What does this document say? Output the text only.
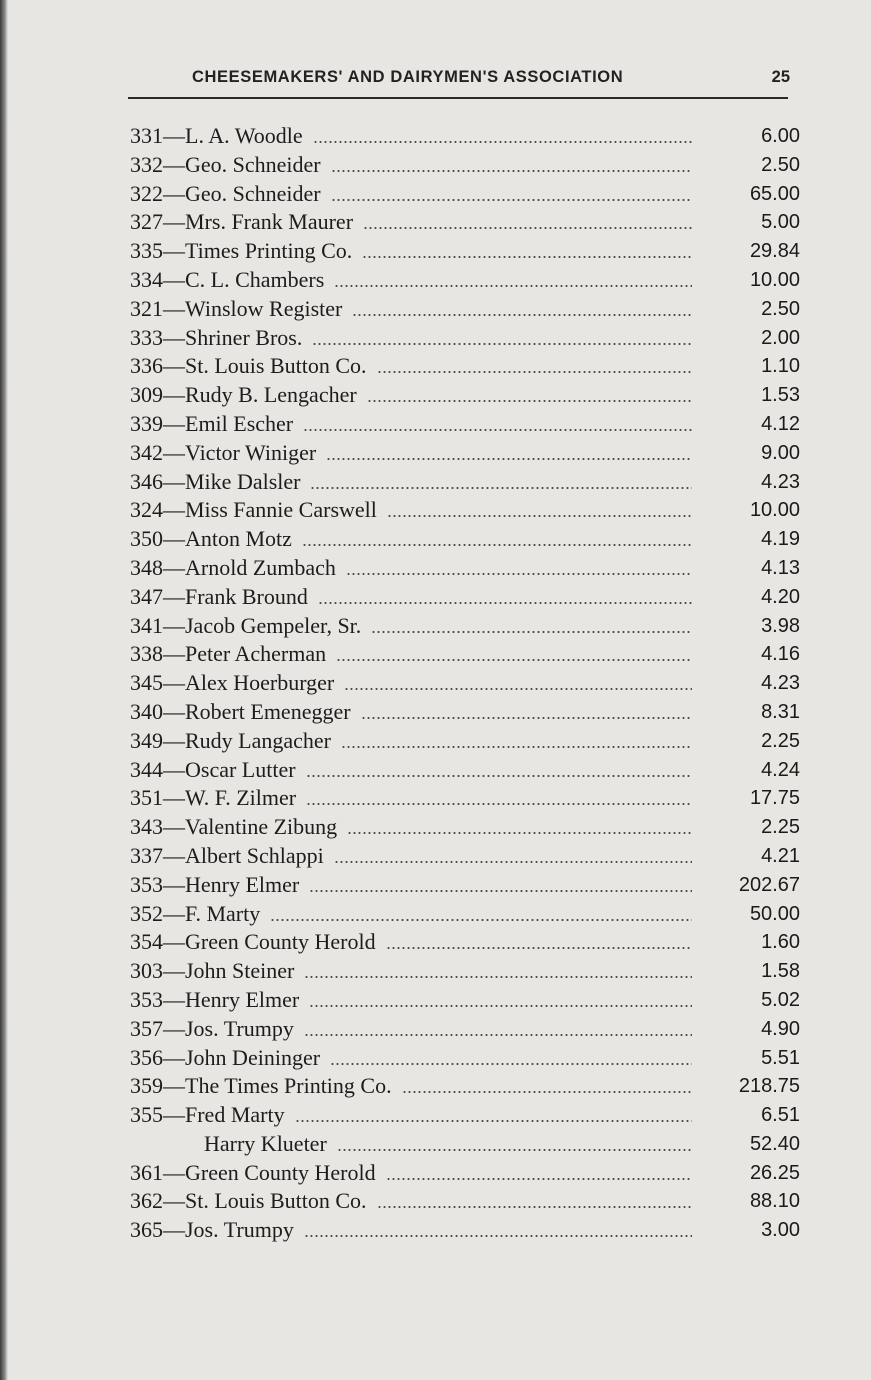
CHEESEMAKERS' AND DAIRYMEN'S ASSOCIATION	25
331—L. A. Woodle	6.00
332—Geo. Schneider	2.50
322—Geo. Schneider	65.00
327—Mrs. Frank Maurer	5.00
335—Times Printing Co.	29.84
334—C. L. Chambers	10.00
321—Winslow Register	2.50
333—Shriner Bros.	2.00
336—St. Louis Button Co.	1.10
309—Rudy B. Lengacher	1.53
339—Emil Escher	4.12
342—Victor Winiger	9.00
346—Mike Dalsler	4.23
324—Miss Fannie Carswell	10.00
350—Anton Motz	4.19
348—Arnold Zumbach	4.13
347—Frank Bround	4.20
341—Jacob Gempeler, Sr.	3.98
338—Peter Acherman	4.16
345—Alex Hoerburger	4.23
340—Robert Emenegger	8.31
349—Rudy Langacher	2.25
344—Oscar Lutter	4.24
351—W. F. Zilmer	17.75
343—Valentine Zibung	2.25
337—Albert Schlappi	4.21
353—Henry Elmer	202.67
352—F. Marty	50.00
354—Green County Herold	1.60
303—John Steiner	1.58
353—Henry Elmer	5.02
357—Jos. Trumpy	4.90
356—John Deininger	5.51
359—The Times Printing Co.	218.75
355—Fred Marty	6.51
Harry Klueter	52.40
361—Green County Herold	26.25
362—St. Louis Button Co.	88.10
365—Jos. Trumpy	3.00
